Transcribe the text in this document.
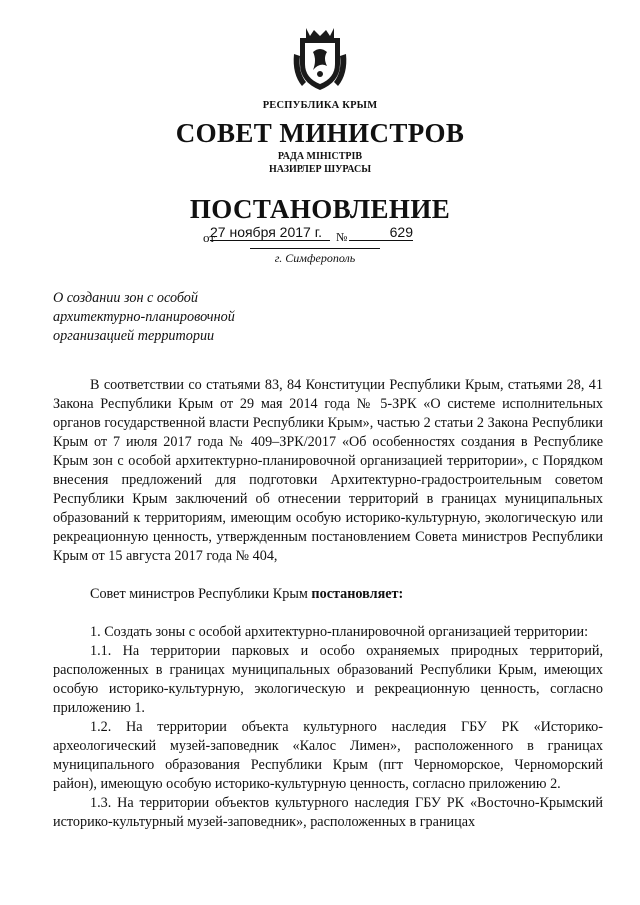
РЕСПУБЛИКА КРЫМ
СОВЕТ МИНИСТРОВ
РАДА МІНІСТРІВ
НАЗИРЛЕР ШУРАСЫ
ПОСТАНОВЛЕНИЕ
от
27 ноября 2017 г.	№	629
г. Симферополь
О создании зон с особой
архитектурно-планировочной
организацией территории

В соответствии со статьями 83, 84 Конституции Республики Крым, статьями 28, 41 Закона Республики Крым от 29 мая 2014 года № 5-ЗРК «О системе исполнительных органов государственной власти Республики Крым», частью 2 статьи 2 Закона Республики Крым от 7 июля 2017 года № 409–ЗРК/2017 «Об особенностях создания в Республике Крым зон с особой архитектурно-планировочной организацией территории», с Порядком внесения предложений для подготовки Архитектурно-градостроительным советом Республики Крым заключений об отнесении территорий в границах муниципальных образований к территориям, имеющим особую историко-культурную, экологическую или рекреационную ценность, утвержденным постановлением Совета министров Республики Крым от 15 августа 2017 года № 404,

Совет министров Республики Крым постановляет:

1. Создать зоны с особой архитектурно-планировочной организацией территории:

1.1. На территории парковых и особо охраняемых природных территорий, расположенных в границах муниципальных образований Республики Крым, имеющих особую историко-культурную, экологическую и рекреационную ценность, согласно приложению 1.

1.2. На территории объекта культурного наследия ГБУ РК «Историко-археологический музей-заповедник «Калос Лимен», расположенного в границах муниципального образования Республики Крым (пгт Черноморское, Черноморский район), имеющую особую историко-культурную ценность, согласно приложению 2.

1.3. На территории объектов культурного наследия ГБУ РК «Восточно-Крымский историко-культурный музей-заповедник», расположенных в границах
